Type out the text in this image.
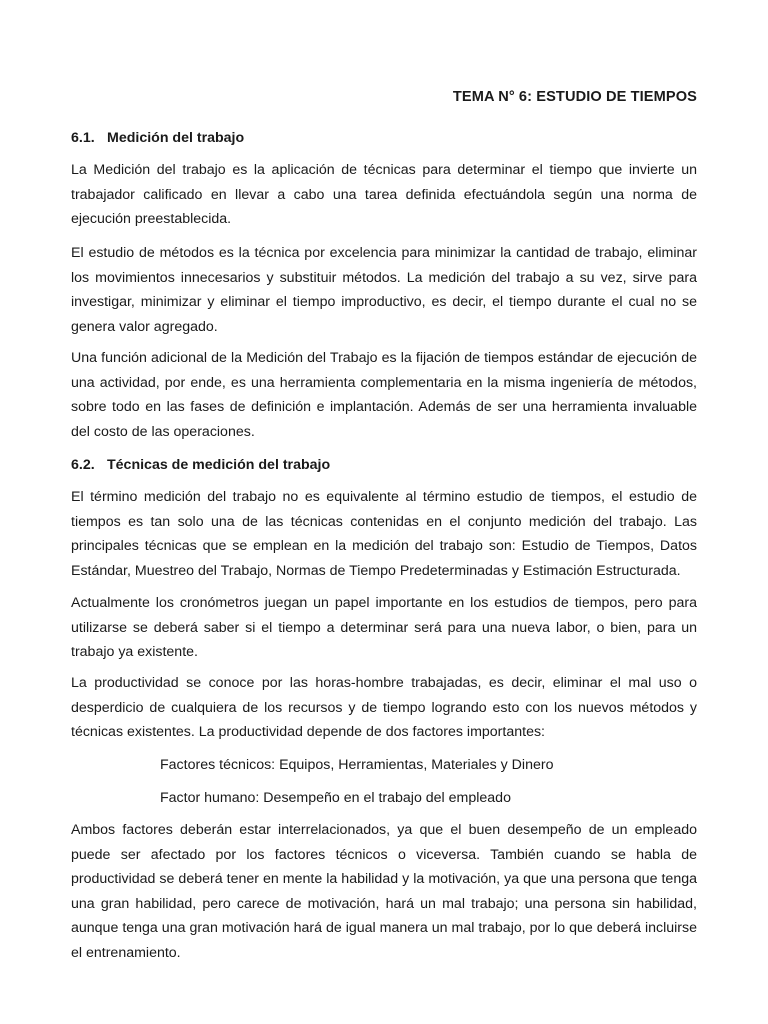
TEMA N° 6: ESTUDIO DE TIEMPOS
6.1. Medición del trabajo

La Medición del trabajo es la aplicación de técnicas para determinar el tiempo que invierte un trabajador calificado en llevar a cabo una tarea definida efectuándola según una norma de ejecución preestablecida.

El estudio de métodos es la técnica por excelencia para minimizar la cantidad de trabajo, eliminar los movimientos innecesarios y substituir métodos. La medición del trabajo a su vez, sirve para investigar, minimizar y eliminar el tiempo improductivo, es decir, el tiempo durante el cual no se genera valor agregado.

Una función adicional de la Medición del Trabajo es la fijación de tiempos estándar de ejecución de una actividad, por ende, es una herramienta complementaria en la misma ingeniería de métodos, sobre todo en las fases de definición e implantación. Además de ser una herramienta invaluable del costo de las operaciones.

6.2. Técnicas de medición del trabajo

El término medición del trabajo no es equivalente al término estudio de tiempos, el estudio de tiempos es tan solo una de las técnicas contenidas en el conjunto medición del trabajo. Las principales técnicas que se emplean en la medición del trabajo son: Estudio de Tiempos, Datos Estándar, Muestreo del Trabajo, Normas de Tiempo Predeterminadas y Estimación Estructurada.

Actualmente los cronómetros juegan un papel importante en los estudios de tiempos, pero para utilizarse se deberá saber si el tiempo a determinar será para una nueva labor, o bien, para un trabajo ya existente.

La productividad se conoce por las horas-hombre trabajadas, es decir, eliminar el mal uso o desperdicio de cualquiera de los recursos y de tiempo logrando esto con los nuevos métodos y técnicas existentes. La productividad depende de dos factores importantes:

Factores técnicos: Equipos, Herramientas, Materiales y Dinero
Factor humano: Desempeño en el trabajo del empleado

Ambos factores deberán estar interrelacionados, ya que el buen desempeño de un empleado puede ser afectado por los factores técnicos o viceversa. También cuando se habla de productividad se deberá tener en mente la habilidad y la motivación, ya que una persona que tenga una gran habilidad, pero carece de motivación, hará un mal trabajo; una persona sin habilidad, aunque tenga una gran motivación hará de igual manera un mal trabajo, por lo que deberá incluirse el entrenamiento.
